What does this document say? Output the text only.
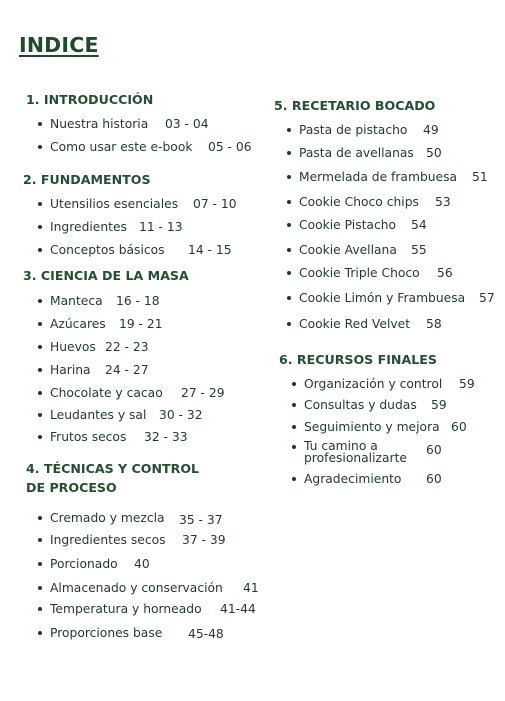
INDICE
1. INTRODUCCIÓN
Nuestra historia 03 - 04
Como usar este e-book 05 - 06
2. FUNDAMENTOS
Utensilios esenciales 07 - 10
Ingredientes 11 - 13
Conceptos básicos 14 - 15
3. CIENCIA DE LA MASA
Manteca 16 - 18
Azúcares 19 - 21
Huevos 22 - 23
Harina 24 - 27
Chocolate y cacao 27 - 29
Leudantes y sal 30 - 32
Frutos secos 32 - 33
4. TÉCNICAS Y CONTROL
DE PROCESO
Cremado y mezcla 35 - 37
Ingredientes secos 37 - 39
Porcionado 40
Almacenado y conservación 41
Temperatura y horneado 41-44
Proporciones base 45-48
5. RECETARIO BOCADO
Pasta de pistacho 49
Pasta de avellanas 50
Mermelada de frambuesa 51
Cookie Choco chips 53
Cookie Pistacho 54
Cookie Avellana 55
Cookie Triple Choco 56
Cookie Limón y Frambuesa 57
Cookie Red Velvet 58
6. RECURSOS FINALES
Organización y control 59
Consultas y dudas 59
Seguimiento y mejora 60
Tu camino a
profesionalizarte
60
Agradecimiento 60
